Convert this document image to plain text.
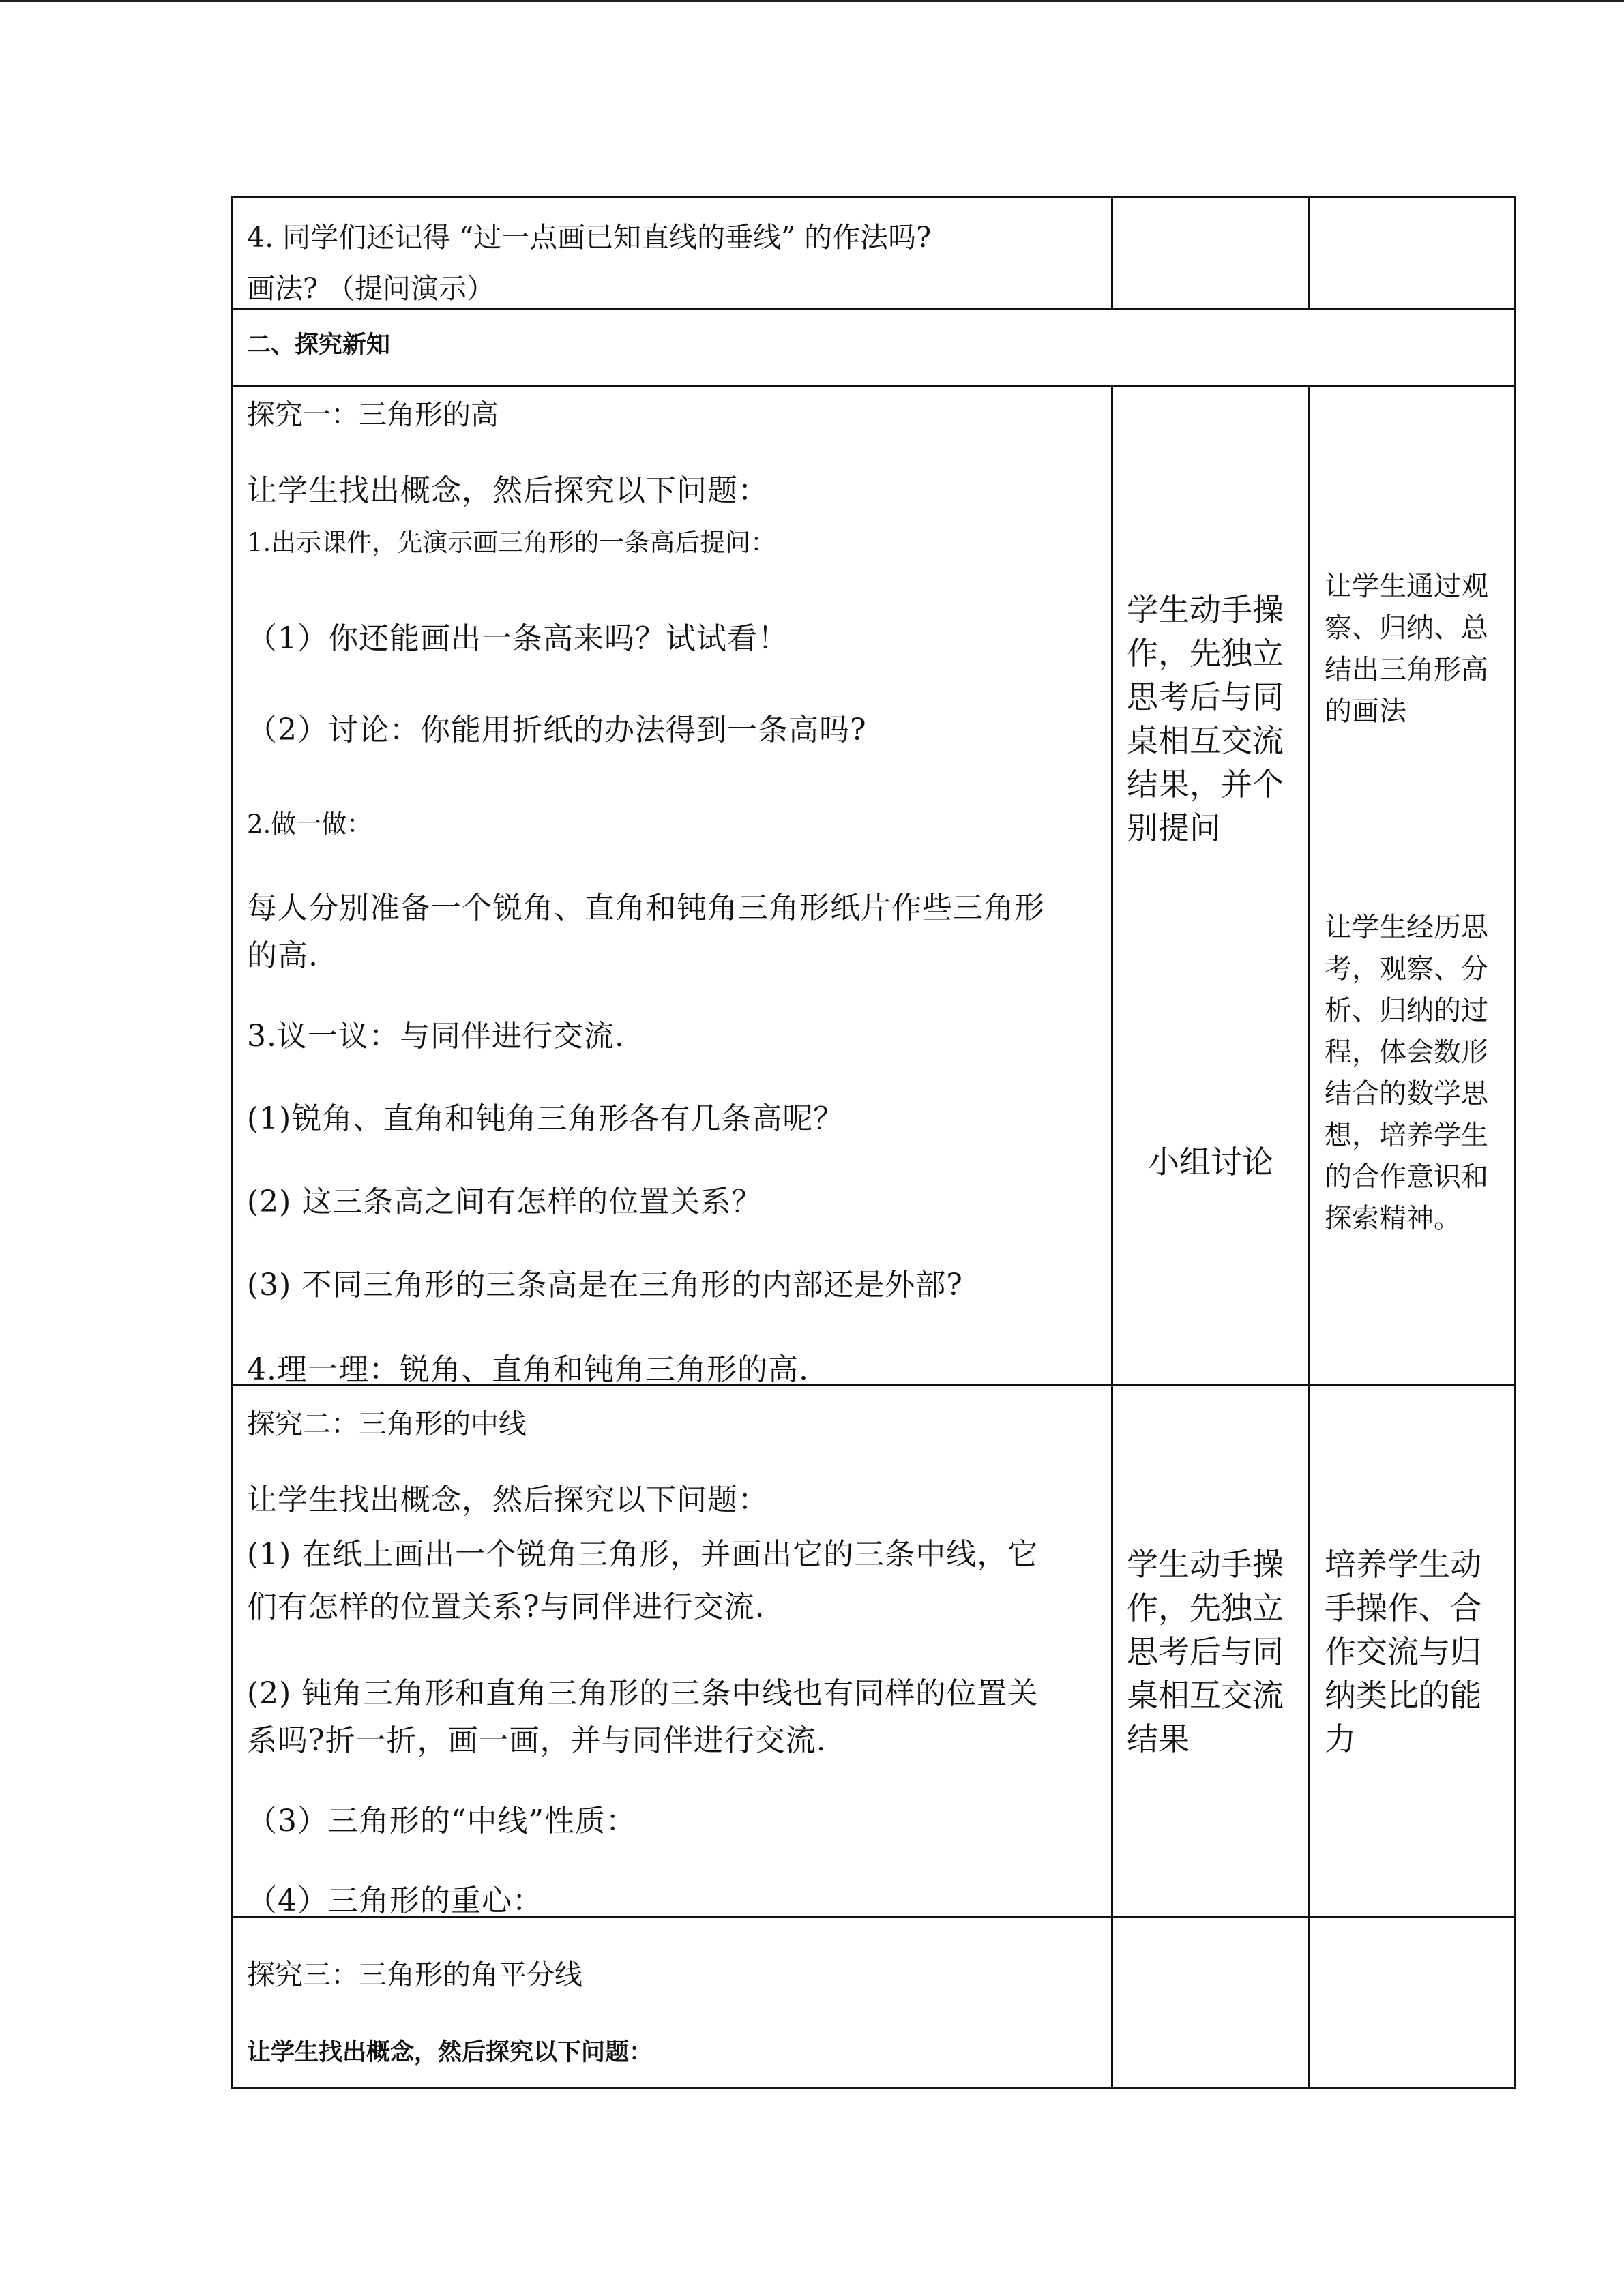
4. 同学们还记得 “过一点画已知直线的垂线” 的作法吗?
画法? （提问演示）
二、探究新知
探究一：三角形的高
让学生找出概念，然后探究以下问题：
1.出示课件，先演示画三角形的一条高后提问：
（1）你还能画出一条高来吗？试试看！
（2）讨论：你能用折纸的办法得到一条高吗?
2.做一做：
每人分别准备一个锐角、直角和钝角三角形纸片作些三角形
的高.
3.议一议：与同伴进行交流.
(1)锐角、直角和钝角三角形各有几条高呢？
(2) 这三条高之间有怎样的位置关系？
(3) 不同三角形的三条高是在三角形的内部还是外部?
4.理一理：锐角、直角和钝角三角形的高.
学生动手操作，先独立思考后与同桌相互交流结果，并个别提问
小组讨论
让学生通过观察、归纳、总结出三角形高的画法
让学生经历思考，观察、分析、归纳的过程，体会数形结合的数学思想，培养学生的合作意识和探索精神。
探究二：三角形的中线
让学生找出概念，然后探究以下问题：
(1) 在纸上画出一个锐角三角形，并画出它的三条中线，它
们有怎样的位置关系?与同伴进行交流.
(2) 钝角三角形和直角三角形的三条中线也有同样的位置关
系吗?折一折，画一画，并与同伴进行交流.
（3）三角形的“中线”性质：
（4）三角形的重心：
学生动手操作，先独立思考后与同桌相互交流结果
培养学生动手操作、合作交流与归纳类比的能力
探究三：三角形的角平分线
让学生找出概念，然后探究以下问题：
